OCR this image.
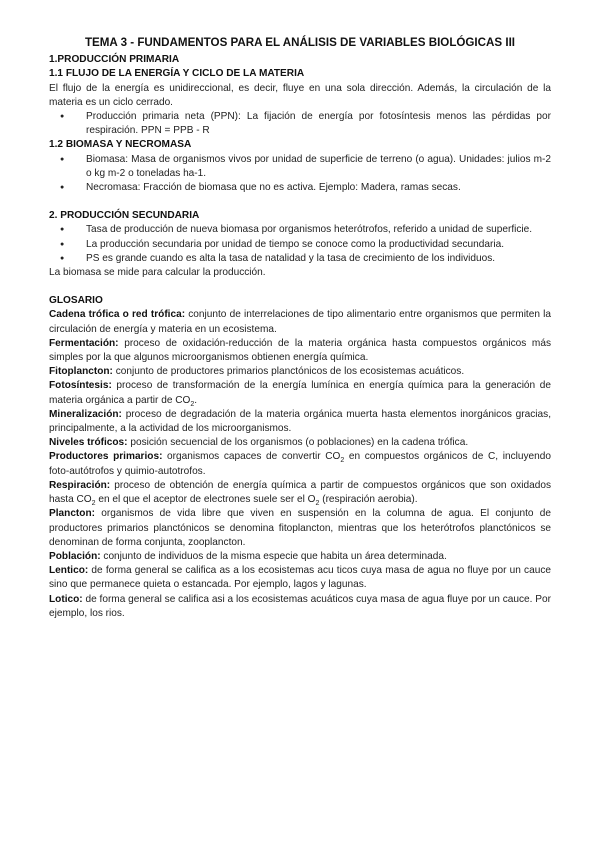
TEMA 3 - FUNDAMENTOS PARA EL ANÁLISIS DE VARIABLES BIOLÓGICAS III

1.PRODUCCIÓN PRIMARIA

1.1 FLUJO DE LA ENERGÍA Y CICLO DE LA MATERIA

El flujo de la energía es unidireccional, es decir, fluye en una sola dirección. Además, la circulación de la materia es un ciclo cerrado.

● Producción primaria neta (PPN): La fijación de energía por fotosíntesis menos las pérdidas por respiración. PPN = PPB - R

1.2 BIOMASA Y NECROMASA

● Biomasa: Masa de organismos vivos por unidad de superficie de terreno (o agua). Unidades: julios m-2 o kg m-2 o toneladas ha-1.
● Necromasa: Fracción de biomasa que no es activa. Ejemplo: Madera, ramas secas.

2. PRODUCCIÓN SECUNDARIA

● Tasa de producción de nueva biomasa por organismos heterótrofos, referido a unidad de superficie.
● La producción secundaria por unidad de tiempo se conoce como la productividad secundaria.
● PS es grande cuando es alta la tasa de natalidad y la tasa de crecimiento de los individuos.

La biomasa se mide para calcular la producción.

GLOSARIO

Cadena trófica o red trófica: conjunto de interrelaciones de tipo alimentario entre organismos que permiten la circulación de energía y materia en un ecosistema.

Fermentación: proceso de oxidación-reducción de la materia orgánica hasta compuestos orgánicos más simples por la que algunos microorganismos obtienen energía química.

Fitoplancton: conjunto de productores primarios planctónicos de los ecosistemas acuáticos.

Fotosíntesis: proceso de transformación de la energía lumínica en energía química para la generación de materia orgánica a partir de $CO_2$.

Mineralización: proceso de degradación de la materia orgánica muerta hasta elementos inorgánicos gracias, principalmente, a la actividad de los microorganismos.

Niveles tróficos: posición secuencial de los organismos (o poblaciones) en la cadena trófica.

Productores primarios: organismos capaces de convertir $CO_2$ en compuestos orgánicos de C, incluyendo foto-autótrofos y quimio-autotrofos.

Respiración: proceso de obtención de energía química a partir de compuestos orgánicos que son oxidados hasta $CO_2$ en el que el aceptor de electrones suele ser el $O_2$ (respiración aerobia).

Plancton: organismos de vida libre que viven en suspensión en la columna de agua. El conjunto de productores primarios planctónicos se denomina fitoplancton, mientras que los heterótrofos planctónicos se denominan de forma conjunta, zooplancton.

Población: conjunto de individuos de la misma especie que habita un área determinada.

Lentico: de forma general se califica as a los ecosistemas acu ticos cuya masa de agua no fluye por un cauce sino que permanece quieta o estancada. Por ejemplo, lagos y lagunas.

Lotico: de forma general se califica asi a los ecosistemas acuáticos cuya masa de agua fluye por un cauce. Por ejemplo, los rios.
